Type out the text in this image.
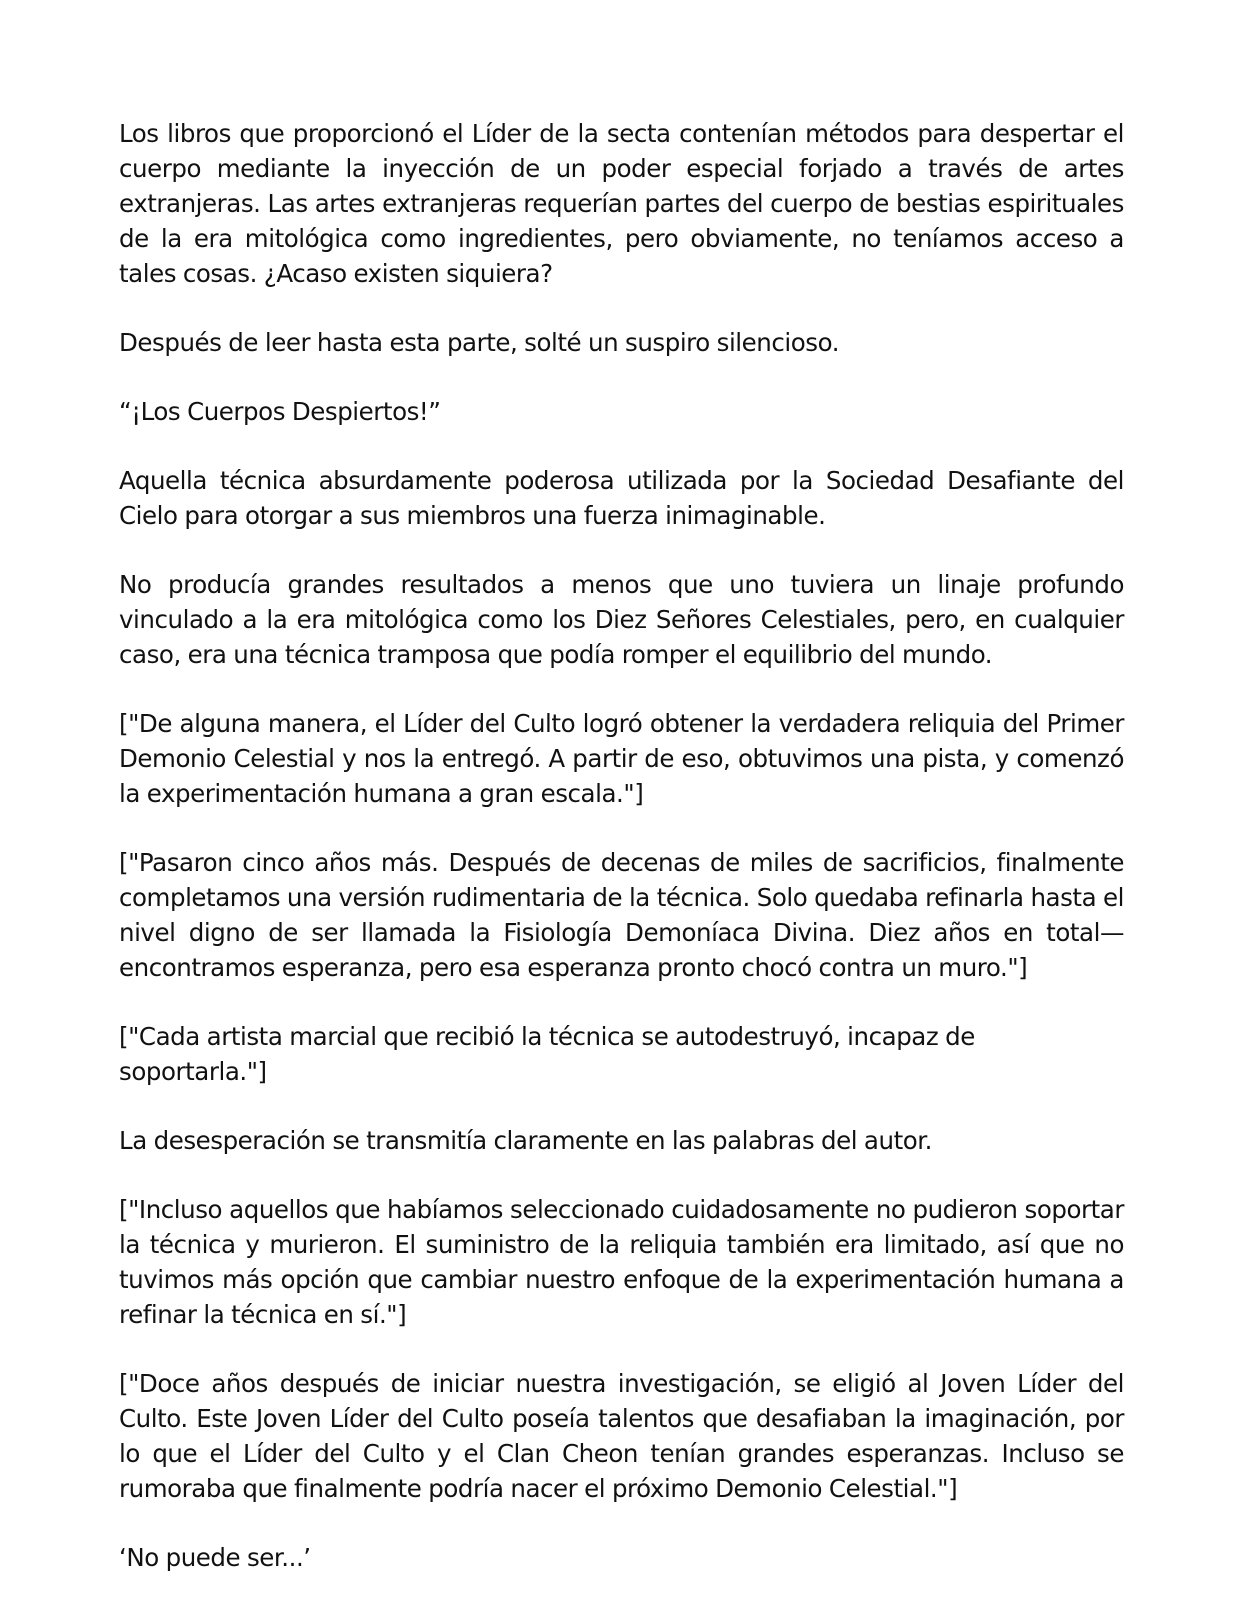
Los libros que proporcionó el Líder de la secta contenían métodos para despertar el cuerpo mediante la inyección de un poder especial forjado a través de artes extranjeras. Las artes extranjeras requerían partes del cuerpo de bestias espirituales de la era mitológica como ingredientes, pero obviamente, no teníamos acceso a tales cosas. ¿Acaso existen siquiera?

Después de leer hasta esta parte, solté un suspiro silencioso.

“¡Los Cuerpos Despiertos!”

Aquella técnica absurdamente poderosa utilizada por la Sociedad Desafiante del Cielo para otorgar a sus miembros una fuerza inimaginable.

No producía grandes resultados a menos que uno tuviera un linaje profundo vinculado a la era mitológica como los Diez Señores Celestiales, pero, en cualquier caso, era una técnica tramposa que podía romper el equilibrio del mundo.

["De alguna manera, el Líder del Culto logró obtener la verdadera reliquia del Primer Demonio Celestial y nos la entregó. A partir de eso, obtuvimos una pista, y comenzó la experimentación humana a gran escala."]

["Pasaron cinco años más. Después de decenas de miles de sacrificios, finalmente completamos una versión rudimentaria de la técnica. Solo quedaba refinarla hasta el nivel digno de ser llamada la Fisiología Demoníaca Divina. Diez años en total—encontramos esperanza, pero esa esperanza pronto chocó contra un muro."]

["Cada artista marcial que recibió la técnica se autodestruyó, incapaz de soportarla."]

La desesperación se transmitía claramente en las palabras del autor.

["Incluso aquellos que habíamos seleccionado cuidadosamente no pudieron soportar la técnica y murieron. El suministro de la reliquia también era limitado, así que no tuvimos más opción que cambiar nuestro enfoque de la experimentación humana a refinar la técnica en sí."]

["Doce años después de iniciar nuestra investigación, se eligió al Joven Líder del Culto. Este Joven Líder del Culto poseía talentos que desafiaban la imaginación, por lo que el Líder del Culto y el Clan Cheon tenían grandes esperanzas. Incluso se rumoraba que finalmente podría nacer el próximo Demonio Celestial."]

‘No puede ser...’
